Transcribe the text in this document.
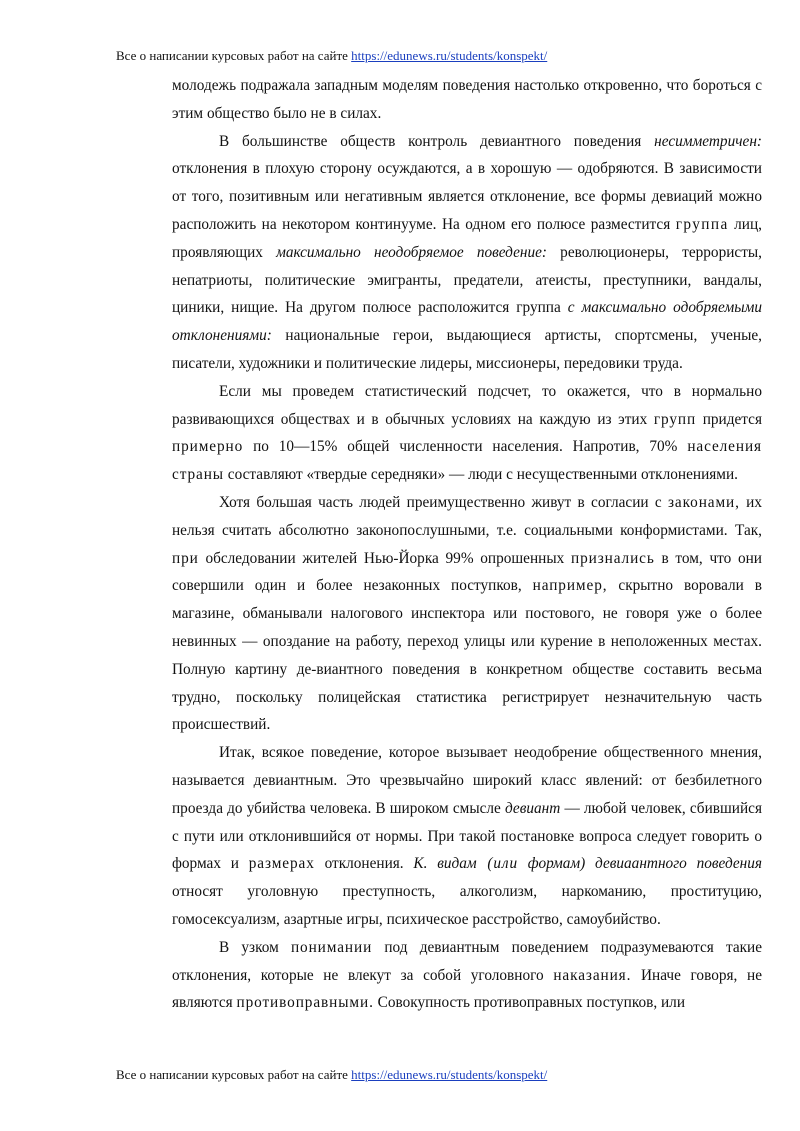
Все о написании курсовых работ на сайте https://edunews.ru/students/konspekt/

молодежь подражала западным моделям поведения настолько откровенно, что бороться с этим общество было не в силах.

В большинстве обществ контроль девиантного поведения несимметричен: отклонения в плохую сторону осуждаются, а в хорошую — одобряются. В зависимости от того, позитивным или негативным является отклонение, все формы девиаций можно расположить на некотором континууме. На одном его полюсе разместится группа лиц, проявляющих максимально неодобряемое поведение: революционеры, террористы, непатриоты, политические эмигранты, предатели, атеисты, преступники, вандалы, циники, нищие. На другом полюсе расположится группа с максимально одобряемыми отклонениями: национальные герои, выдающиеся артисты, спортсмены, ученые, писатели, художники и политические лидеры, миссионеры, передовики труда.

Если мы проведем статистический подсчет, то окажется, что в нормально развивающихся обществах и в обычных условиях на каждую из этих групп придется примерно по 10—15% общей численности населения. Напротив, 70% населения страны составляют «твердые середняки» — люди с несущественными отклонениями.

Хотя большая часть людей преимущественно живут в согласии с законами, их нельзя считать абсолютно законопослушными, т.е. социальными конформистами. Так, при обследовании жителей Нью-Йорка 99% опрошенных признались в том, что они совершили один и более незаконных поступков, например, скрытно воровали в магазине, обманывали налогового инспектора или постового, не говоря уже о более невинных — опоздание на работу, переход улицы или курение в неположенных местах. Полную картину де-виантного поведения в конкретном обществе составить весьма трудно, поскольку полицейская статистика регистрирует незначительную часть происшествий.

Итак, всякое поведение, которое вызывает неодобрение общественного мнения, называется девиантным. Это чрезвычайно широкий класс явлений: от безбилетного проезда до убийства человека. В широком смысле девиант — любой человек, сбившийся с пути или отклонившийся от нормы. При такой постановке вопроса следует говорить о формах и размерах отклонения. К. видам (или формам) девиаантного поведения относят уголовную преступность, алкоголизм, наркоманию, проституцию, гомосексуализм, азартные игры, психическое расстройство, самоубийство.

В узком понимании под девиантным поведением подразумеваются такие отклонения, которые не влекут за собой уголовного наказания. Иначе говоря, не являются противоправными. Совокупность противоправных поступков, или

Все о написании курсовых работ на сайте https://edunews.ru/students/konspekt/
